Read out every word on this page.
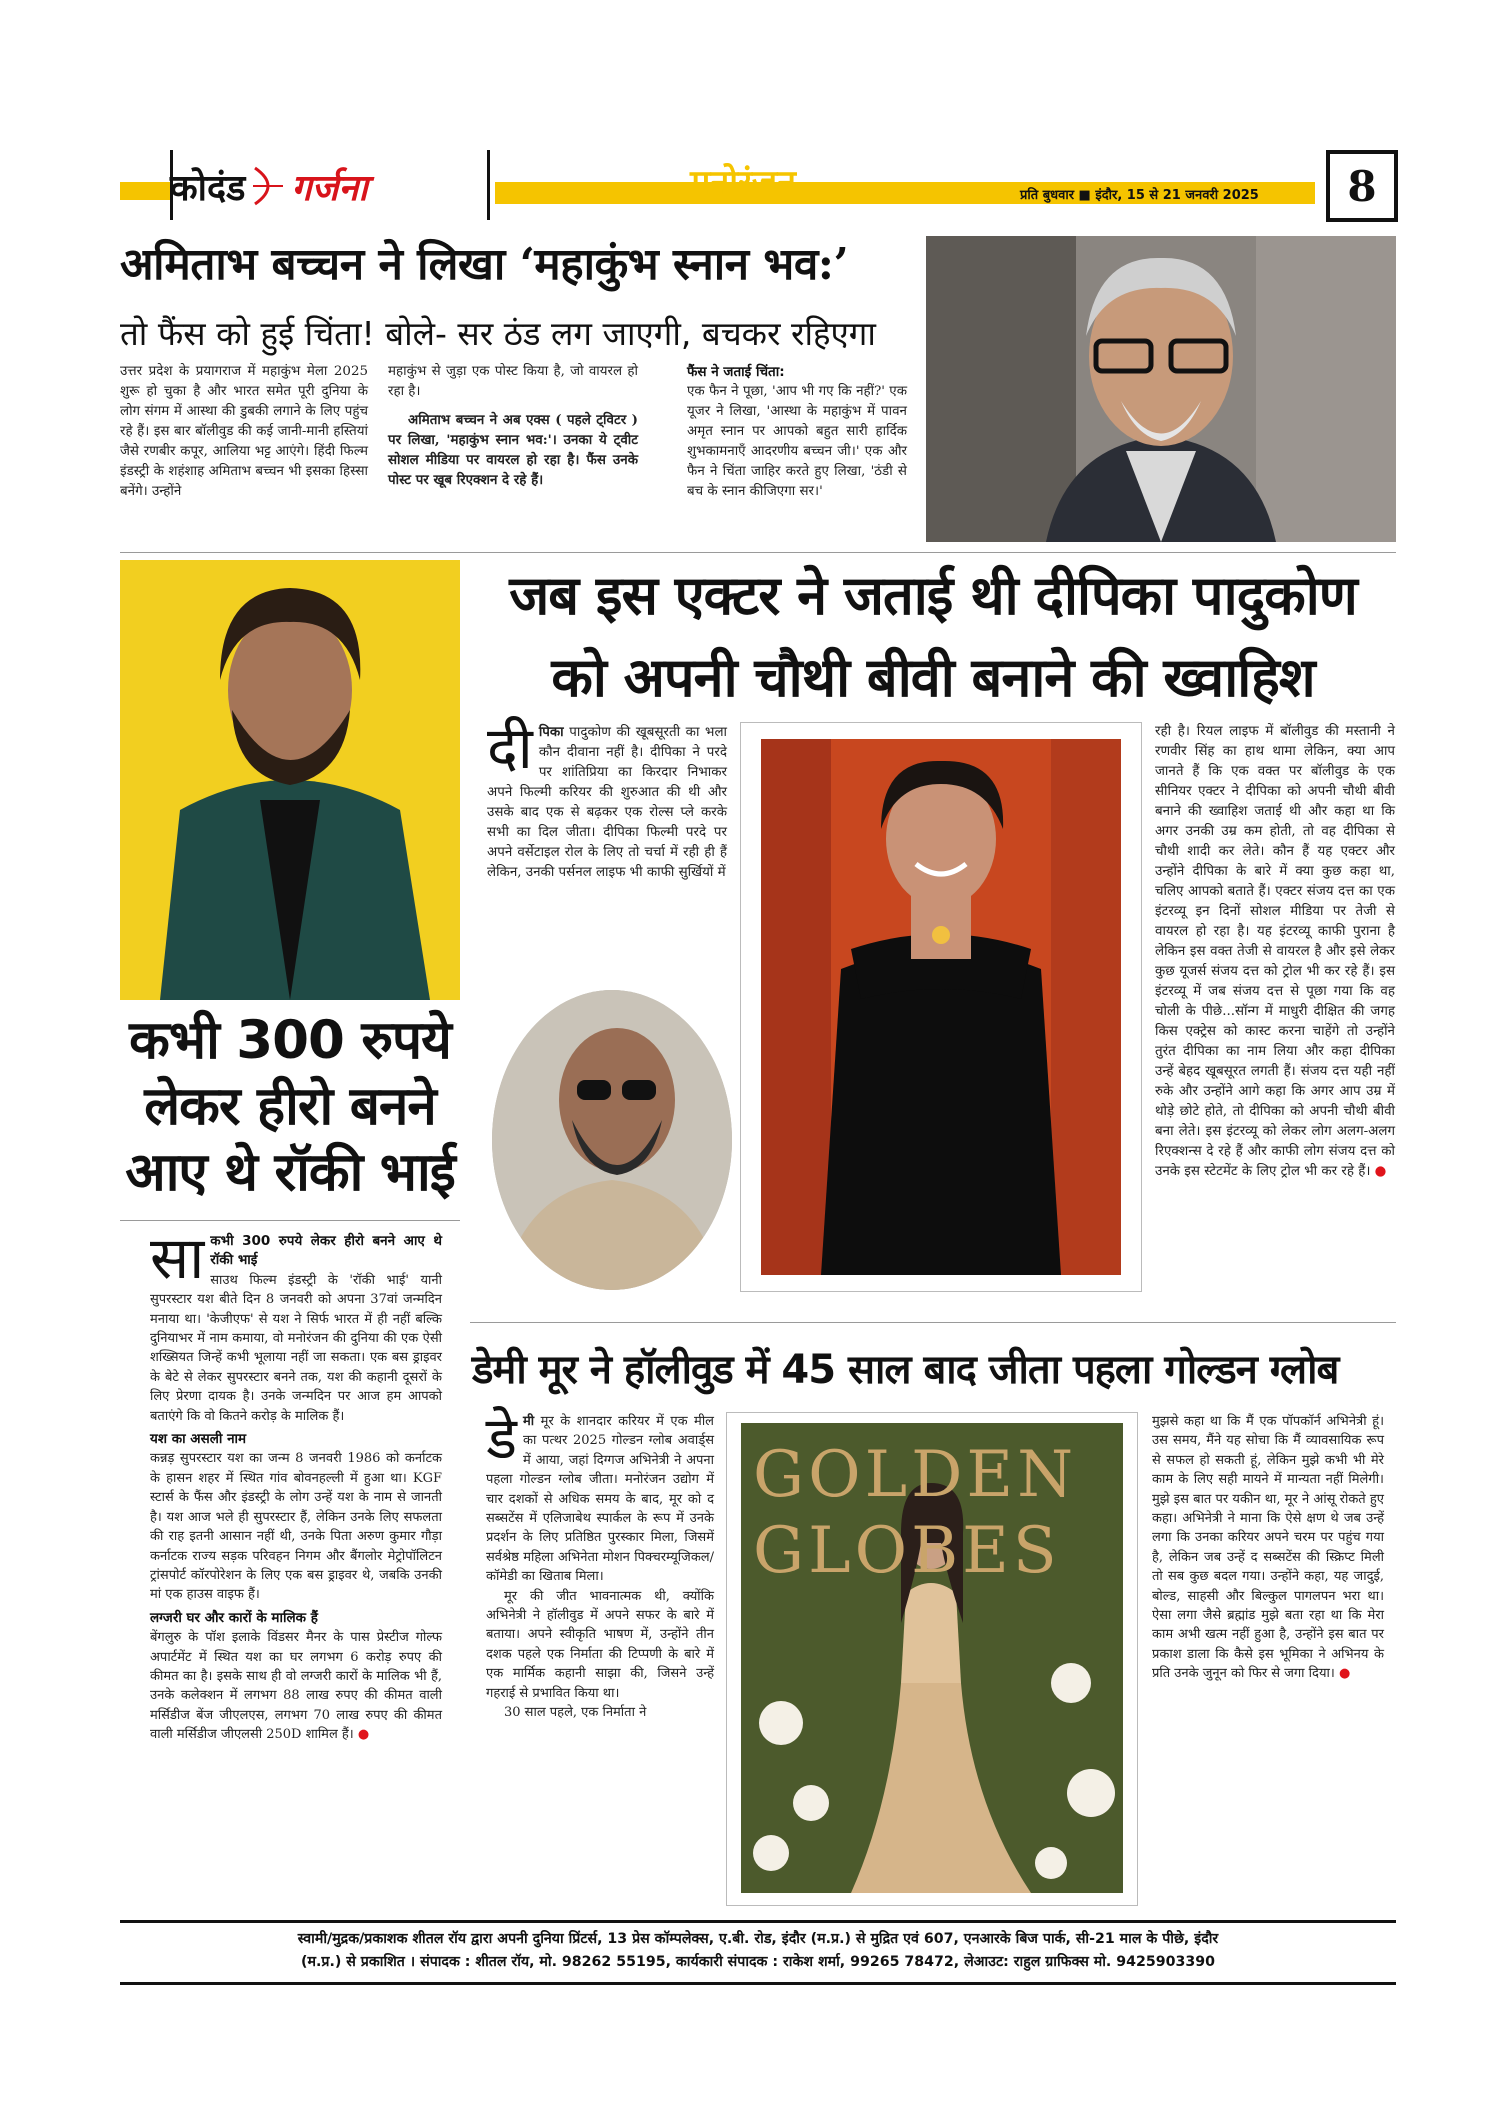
कोदंड गर्जना	मनोरंजन	प्रति बुधवार ■ इंदौर, 15 से 21 जनवरी 2025	8
अमिताभ बच्चन ने लिखा ‘महाकुंभ स्नान भव:’
तो फैंस को हुई चिंता! बोले- सर ठंड लग जाएगी, बचकर रहिएगा
उत्तर प्रदेश के प्रयागराज में महाकुंभ मेला 2025 शुरू हो चुका है और भारत समेत पूरी दुनिया के लोग संगम में आस्था की डुबकी लगाने के लिए पहुंच रहे हैं। इस बार बॉलीवुड की कई जानी-मानी हस्तियां जैसे रणबीर कपूर, आलिया भट्ट आएंगे। हिंदी फिल्म इंडस्ट्री के शहंशाह अमिताभ बच्चन भी इसका हिस्सा बनेंगे। उन्होंने

महाकुंभ से जुड़ा एक पोस्ट किया है, जो वायरल हो रहा है।

अमिताभ बच्चन ने अब एक्स ( पहले ट्विटर ) पर लिखा, 'महाकुंभ स्नान भव:'। उनका ये ट्वीट सोशल मीडिया पर वायरल हो रहा है। फैंस उनके पोस्ट पर खूब रिएक्शन दे रहे हैं।

फैंस ने जताई चिंता:

एक फैन ने पूछा, 'आप भी गए कि नहीं?' एक यूजर ने लिखा, 'आस्था के महाकुंभ में पावन अमृत स्नान पर आपको बहुत सारी हार्दिक शुभकामनाएँ आदरणीय बच्चन जी।' एक और फैन ने चिंता जाहिर करते हुए लिखा, 'ठंडी से बच के स्नान कीजिएगा सर।'

कभी 300 रुपये
लेकर हीरो बनने
आए थे रॉकी भाई
सा कभी 300 रुपये लेकर हीरो बनने आए थे रॉकी भाई

साउथ फिल्म इंडस्ट्री के 'रॉकी भाई' यानी सुपरस्टार यश बीते दिन 8 जनवरी को अपना 37वां जन्मदिन मनाया था। 'केजीएफ' से यश ने सिर्फ भारत में ही नहीं बल्कि दुनियाभर में नाम कमाया, वो मनोरंजन की दुनिया की एक ऐसी शख्सियत जिन्हें कभी भूलाया नहीं जा सकता। एक बस ड्राइवर के बेटे से लेकर सुपरस्टार बनने तक, यश की कहानी दूसरों के लिए प्रेरणा दायक है। उनके जन्मदिन पर आज हम आपको बताएंगे कि वो कितने करोड़ के मालिक हैं।

यश का असली नाम

कन्नड़ सुपरस्टार यश का जन्म 8 जनवरी 1986 को कर्नाटक के हासन शहर में स्थित गांव बोवनहल्ली में हुआ था। KGF स्टार्स के फैंस और इंडस्ट्री के लोग उन्हें यश के नाम से जानती है। यश आज भले ही सुपरस्टार हैं, लेकिन उनके लिए सफलता की राह इतनी आसान नहीं थी, उनके पिता अरुण कुमार गौड़ा कर्नाटक राज्य सड़क परिवहन निगम और बैंगलोर मेट्रोपॉलिटन ट्रांसपोर्ट कॉरपोरेशन के लिए एक बस ड्राइवर थे, जबकि उनकी मां एक हाउस वाइफ हैं।

लग्जरी घर और कारों के मालिक हैं

बेंगलुरु के पॉश इलाके विंडसर मैनर के पास प्रेस्टीज गोल्फ अपार्टमेंट में स्थित यश का घर लगभग 6 करोड़ रुपए की कीमत का है। इसके साथ ही वो लग्जरी कारों के मालिक भी हैं, उनके कलेक्शन में लगभग 88 लाख रुपए की कीमत वाली मर्सिडीज बेंज जीएलएस, लगभग 70 लाख रुपए की कीमत वाली मर्सिडीज जीएलसी 250D शामिल हैं। ●

जब इस एक्टर ने जताई थी दीपिका पादुकोण
को अपनी चौथी बीवी बनाने की ख्वाहिश
दी पिका पादुकोण की खूबसूरती का भला कौन दीवाना नहीं है। दीपिका ने परदे पर शांतिप्रिया का किरदार निभाकर अपने फिल्मी करियर की शुरुआत की थी और उसके बाद एक से बढ़कर एक रोल्स प्ले करके सभी का दिल जीता। दीपिका फिल्मी परदे पर अपने वर्सेटाइल रोल के लिए तो चर्चा में रही ही हैं लेकिन, उनकी पर्सनल लाइफ भी काफी सुर्खियों में
रही है। रियल लाइफ में बॉलीवुड की मस्तानी ने रणवीर सिंह का हाथ थामा लेकिन, क्या आप जानते हैं कि एक वक्त पर बॉलीवुड के एक सीनियर एक्टर ने दीपिका को अपनी चौथी बीवी बनाने की ख्वाहिश जताई थी और कहा था कि अगर उनकी उम्र कम होती, तो वह दीपिका से चौथी शादी कर लेते। कौन हैं यह एक्टर और उन्होंने दीपिका के बारे में क्या कुछ कहा था, चलिए आपको बताते हैं। एक्टर संजय दत्त का एक इंटरव्यू इन दिनों सोशल मीडिया पर तेजी से वायरल हो रहा है। यह इंटरव्यू काफी पुराना है लेकिन इस वक्त तेजी से वायरल है और इसे लेकर कुछ यूजर्स संजय दत्त को ट्रोल भी कर रहे हैं। इस इंटरव्यू में जब संजय दत्त से पूछा गया कि वह चोली के पीछे...सॉन्ग में माधुरी दीक्षित की जगह किस एक्ट्रेस को कास्ट करना चाहेंगे तो उन्होंने तुरंत दीपिका का नाम लिया और कहा दीपिका उन्हें बेहद खूबसूरत लगती हैं। संजय दत्त यही नहीं रुके और उन्होंने आगे कहा कि अगर आप उम्र में थोड़े छोटे होते, तो दीपिका को अपनी चौथी बीवी बना लेते। इस इंटरव्यू को लेकर लोग अलग-अलग रिएक्शन्स दे रहे हैं और काफी लोग संजय दत्त को उनके इस स्टेटमेंट के लिए ट्रोल भी कर रहे हैं। ●
डेमी मूर ने हॉलीवुड में 45 साल बाद जीता पहला गोल्डन ग्लोब
डे मी मूर के शानदार करियर में एक मील का पत्थर 2025 गोल्डन ग्लोब अवार्ड्स में आया, जहां दिग्गज अभिनेत्री ने अपना पहला गोल्डन ग्लोब जीता। मनोरंजन उद्योग में चार दशकों से अधिक समय के बाद, मूर को द सब्सटेंस में एलिजाबेथ स्पार्कल के रूप में उनके प्रदर्शन के लिए प्रतिष्ठित पुरस्कार मिला, जिसमें सर्वश्रेष्ठ महिला अभिनेता मोशन पिक्चरम्यूजिकल/कॉमेडी का खिताब मिला।

मूर की जीत भावनात्मक थी, क्योंकि अभिनेत्री ने हॉलीवुड में अपने सफर के बारे में बताया। अपने स्वीकृति भाषण में, उन्होंने तीन दशक पहले एक निर्माता की टिप्पणी के बारे में एक मार्मिक कहानी साझा की, जिसने उन्हें गहराई से प्रभावित किया था।

30 साल पहले, एक निर्माता ने

GOLDEN GLOBES
मुझसे कहा था कि मैं एक पॉपकॉर्न अभिनेत्री हूं। उस समय, मैंने यह सोचा कि मैं व्यावसायिक रूप से सफल हो सकती हूं, लेकिन मुझे कभी भी मेरे काम के लिए सही मायने में मान्यता नहीं मिलेगी। मुझे इस बात पर यकीन था, मूर ने आंसू रोकते हुए कहा। अभिनेत्री ने माना कि ऐसे क्षण थे जब उन्हें लगा कि उनका करियर अपने चरम पर पहुंच गया है, लेकिन जब उन्हें द सब्सटेंस की स्क्रिप्ट मिली तो सब कुछ बदल गया। उन्होंने कहा, यह जादुई, बोल्ड, साहसी और बिल्कुल पागलपन भरा था। ऐसा लगा जैसे ब्रह्मांड मुझे बता रहा था कि मेरा काम अभी खत्म नहीं हुआ है, उन्होंने इस बात पर प्रकाश डाला कि कैसे इस भूमिका ने अभिनय के प्रति उनके जुनून को फिर से जगा दिया। ●
स्वामी/मुद्रक/प्रकाशक शीतल रॉय द्वारा अपनी दुनिया प्रिंटर्स, 13 प्रेस कॉम्पलेक्स, ए.बी. रोड, इंदौर (म.प्र.) से मुद्रित एवं 607, एनआरके बिज पार्क, सी-21 माल के पीछे, इंदौर
(म.प्र.) से प्रकाशित । संपादक : शीतल रॉय, मो. 98262 55195, कार्यकारी संपादक : राकेश शर्मा, 99265 78472, लेआउट: राहुल ग्राफिक्स मो. 9425903390
